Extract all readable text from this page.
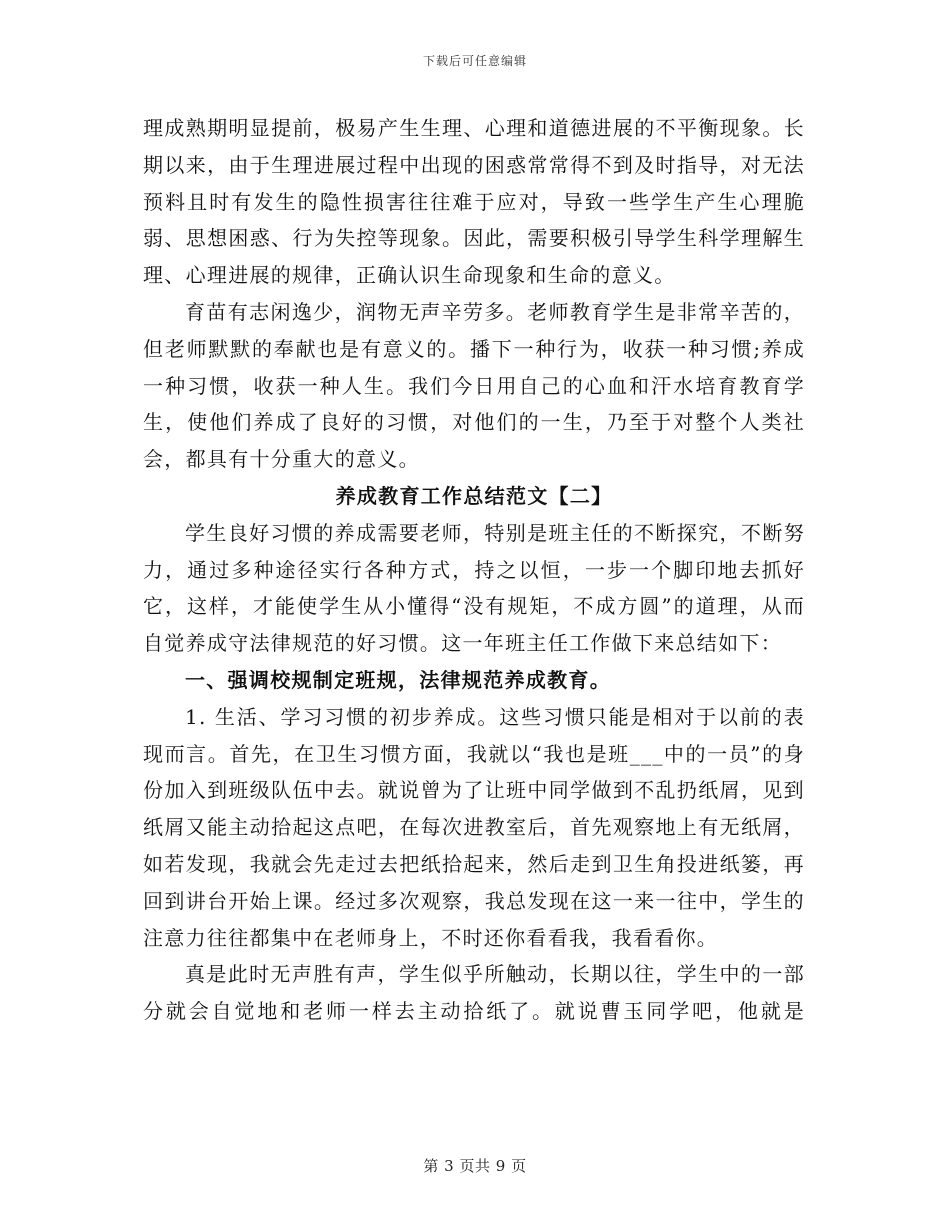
下载后可任意编辑

理成熟期明显提前，极易产生生理、心理和道德进展的不平衡现象。长期以来，由于生理进展过程中出现的困惑常常得不到及时指导，对无法预料且时有发生的隐性损害往往难于应对，导致一些学生产生心理脆弱、思想困惑、行为失控等现象。因此，需要积极引导学生科学理解生理、心理进展的规律，正确认识生命现象和生命的意义。

育苗有志闲逸少，润物无声辛劳多。老师教育学生是非常辛苦的，但老师默默的奉献也是有意义的。播下一种行为，收获一种习惯;养成一种习惯，收获一种人生。我们今日用自己的心血和汗水培育教育学生，使他们养成了良好的习惯，对他们的一生，乃至于对整个人类社会，都具有十分重大的意义。

养成教育工作总结范文【二】

学生良好习惯的养成需要老师，特别是班主任的不断探究，不断努力，通过多种途径实行各种方式，持之以恒，一步一个脚印地去抓好它，这样，才能使学生从小懂得“没有规矩，不成方圆”的道理，从而自觉养成守法律规范的好习惯。这一年班主任工作做下来总结如下：

一、强调校规制定班规，法律规范养成教育。

1. 生活、学习习惯的初步养成。这些习惯只能是相对于以前的表现而言。首先，在卫生习惯方面，我就以“我也是班___中的一员”的身份加入到班级队伍中去。就说曾为了让班中同学做到不乱扔纸屑，见到纸屑又能主动拾起这点吧，在每次进教室后，首先观察地上有无纸屑，如若发现，我就会先走过去把纸拾起来，然后走到卫生角投进纸篓，再回到讲台开始上课。经过多次观察，我总发现在这一来一往中，学生的注意力往往都集中在老师身上，不时还你看看我，我看看你。

真是此时无声胜有声，学生似乎所触动，长期以往，学生中的一部分就会自觉地和老师一样去主动拾纸了。就说曹玉同学吧，他就是

第 3 页共 9 页
